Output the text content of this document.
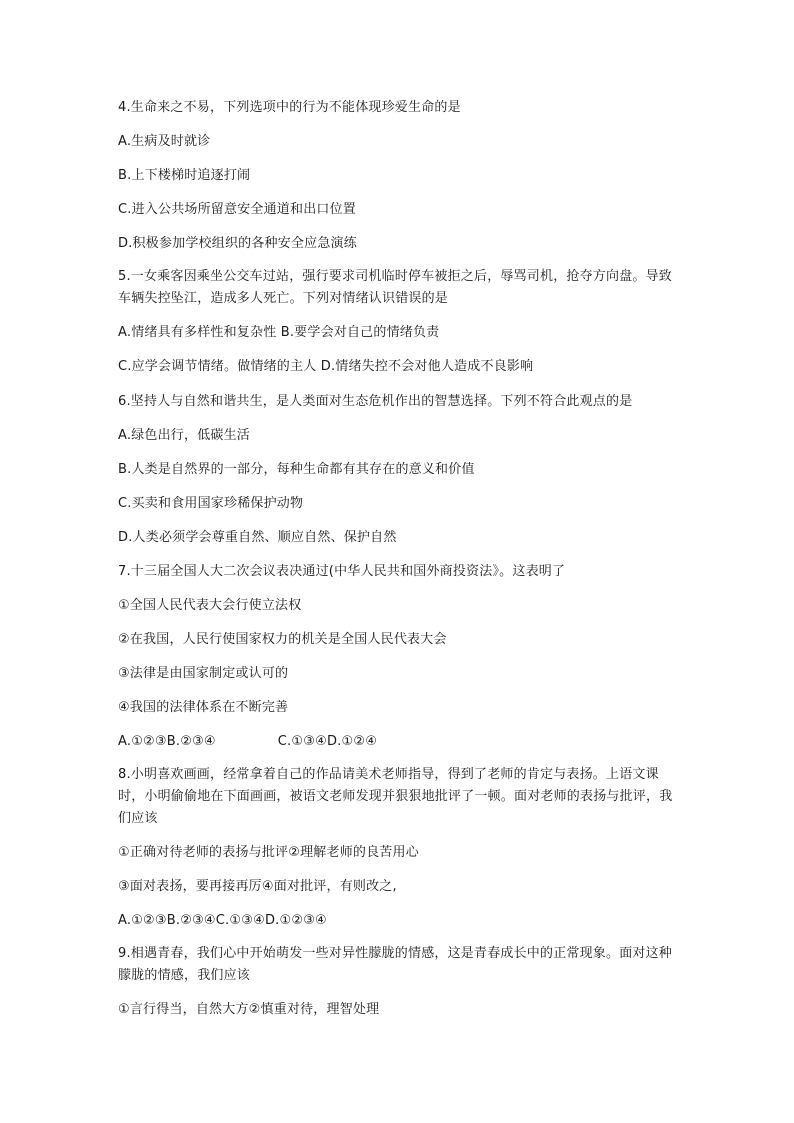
4.生命来之不易，下列选项中的行为不能体现珍爱生命的是
A.生病及时就诊
B.上下楼梯时追逐打闹
C.进入公共场所留意安全通道和出口位置
D.积极参加学校组织的各种安全应急演练
5.一女乘客因乘坐公交车过站，强行要求司机临时停车被拒之后，辱骂司机，抢夺方向盘。导致车辆失控坠江，造成多人死亡。下列对情绪认识错误的是
A.情绪具有多样性和复杂性 B.要学会对自己的情绪负责
C.应学会调节情绪。做情绪的主人 D.情绪失控不会对他人造成不良影响
6.坚持人与自然和谐共生，是人类面对生态危机作出的智慧选择。下列不符合此观点的是
A.绿色出行，低碳生活
B.人类是自然界的一部分，每种生命都有其存在的意义和价值
C.买卖和食用国家珍稀保护动物
D.人类必须学会尊重自然、顺应自然、保护自然
7.十三届全国人大二次会议表决通过(中华人民共和国外商投资法》。这表明了
①全国人民代表大会行使立法权
②在我国，人民行使国家权力的机关是全国人民代表大会
③法律是由国家制定或认可的
④我国的法律体系在不断完善
A.①②③B.②③④	C.①③④D.①②④
8.小明喜欢画画，经常拿着自己的作品请美术老师指导，得到了老师的肯定与表扬。上语文课时，小明偷偷地在下面画画，被语文老师发现并狠狠地批评了一顿。面对老师的表扬与批评，我们应该
①正确对待老师的表扬与批评②理解老师的良苦用心
③面对表扬，要再接再厉④面对批评，有则改之,
A.①②③B.②③④C.①③④D.①②③④
9.相遇青春，我们心中开始萌发一些对异性朦胧的情感，这是青春成长中的正常现象。面对这种朦胧的情感，我们应该
①言行得当，自然大方②慎重对待，理智处理
